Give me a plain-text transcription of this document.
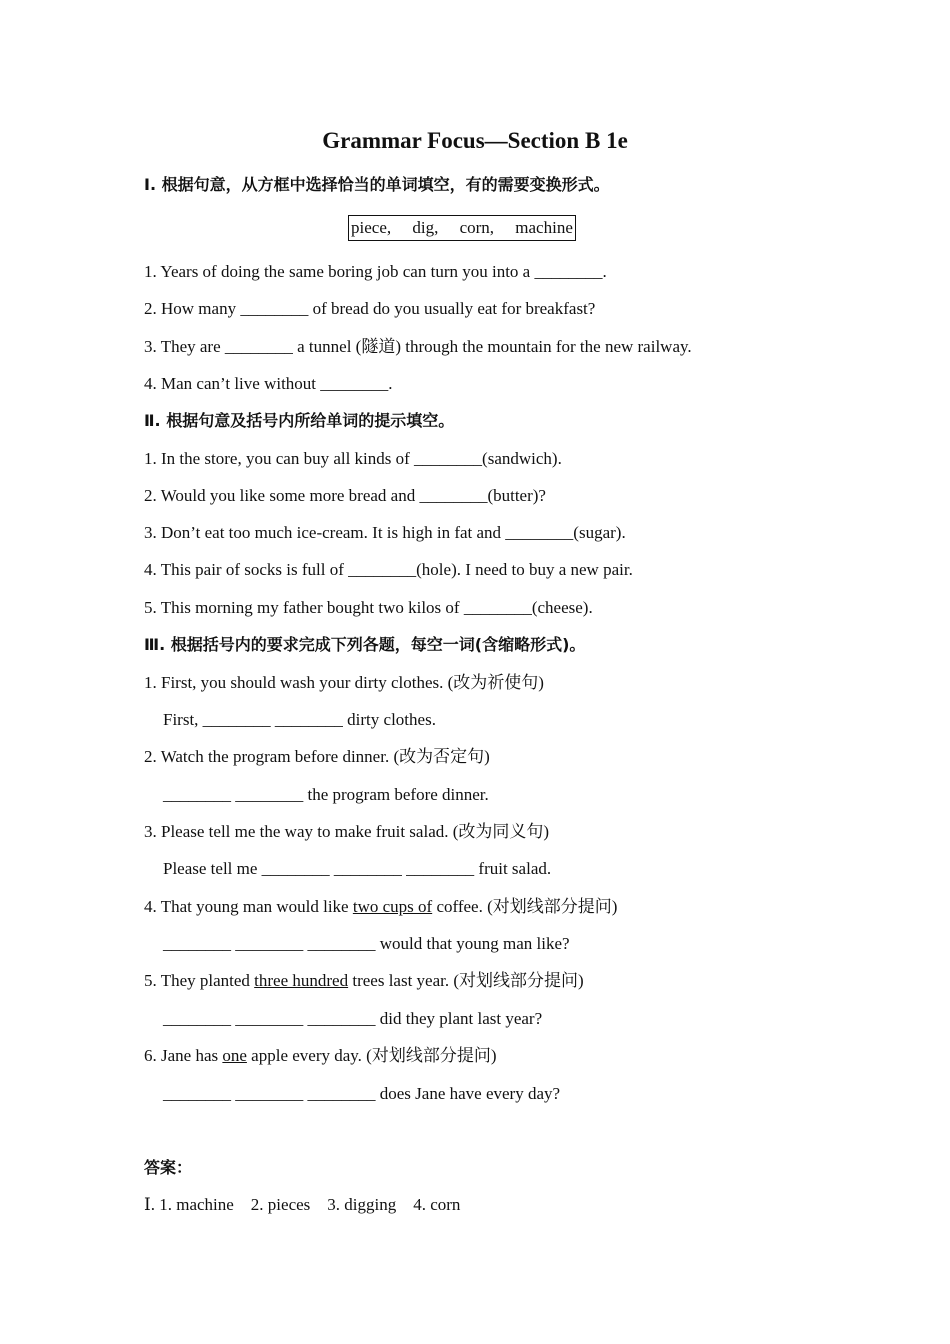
Grammar Focus—Section B 1e
Ⅰ. 根据句意，从方框中选择恰当的单词填空，有的需要变换形式。
piece,     dig,     corn,     machine
1. Years of doing the same boring job can turn you into a ________.
2. How many ________ of bread do you usually eat for breakfast?
3. They are ________ a tunnel (隧道) through the mountain for the new railway.
4. Man can’t live without ________.
Ⅱ. 根据句意及括号内所给单词的提示填空。
1. In the store, you can buy all kinds of ________(sandwich).
2. Would you like some more bread and ________(butter)?
3. Don’t eat too much ice-cream. It is high in fat and ________(sugar).
4. This pair of socks is full of ________(hole). I need to buy a new pair.
5. This morning my father bought two kilos of ________(cheese).
Ⅲ. 根据括号内的要求完成下列各题，每空一词(含缩略形式)。
1. First, you should wash your dirty clothes. (改为祈使句)
First, ________ ________ dirty clothes.
2. Watch the program before dinner. (改为否定句)
________ ________ the program before dinner.
3. Please tell me the way to make fruit salad. (改为同义句)
Please tell me ________ ________ ________ fruit salad.
4. That young man would like two cups of coffee. (对划线部分提问)
________ ________ ________ would that young man like?
5. They planted three hundred trees last year. (对划线部分提问)
________ ________ ________ did they plant last year?
6. Jane has one apple every day. (对划线部分提问)
________ ________ ________ does Jane have every day?
答案：
Ⅰ. 1. machine    2. pieces    3. digging    4. corn
